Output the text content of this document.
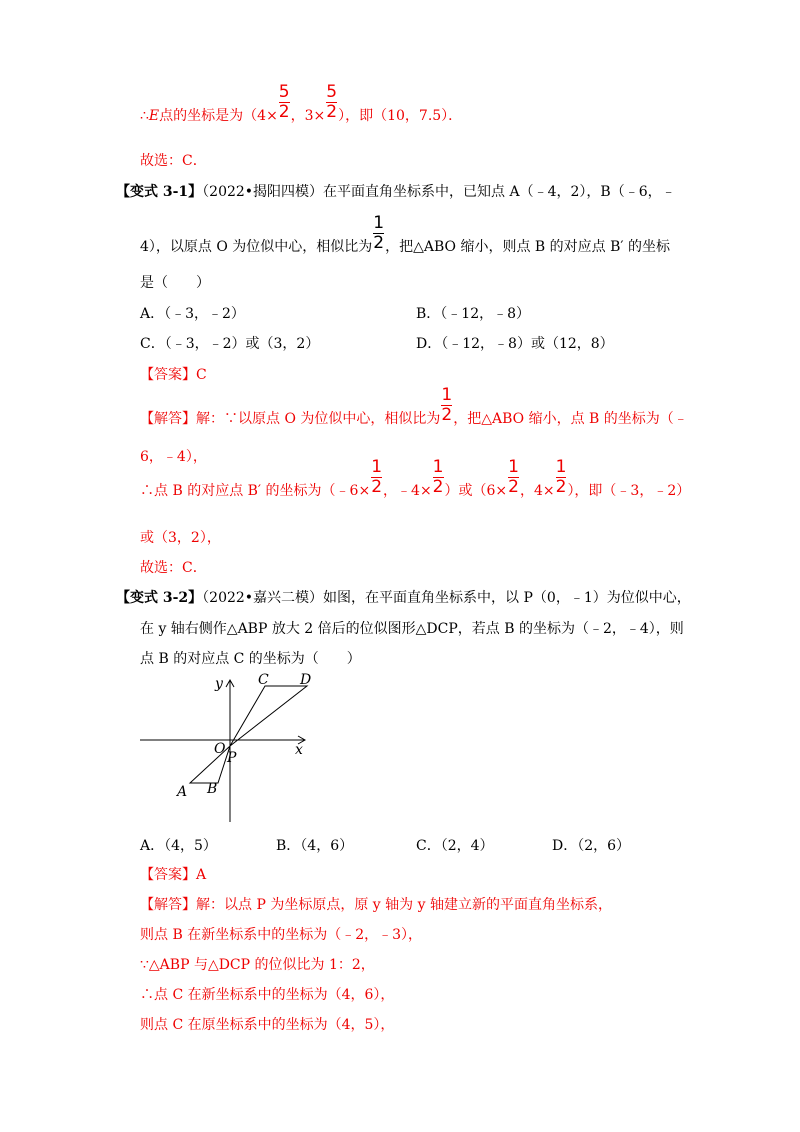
∴E点的坐标是为（$4\times \frac{5}{2}$ ，$3\times \frac{5}{2}$ ），即（10，7.5）．
故选：C．
【变式 3-1】（2022•揭阳四模）在平面直角坐标系中，已知点 A（﹣4，2），B（﹣6，﹣
4），以原点 O 为位似中心，相似比为 $\frac{1}{2}$ ，把△ABO 缩小，则点 B 的对应点 B′ 的坐标
是（　　）
A．（﹣3，﹣2）	B．（﹣12，﹣8）
C．（﹣3，﹣2）或（3，2）	D．（﹣12，﹣8）或（12，8）
【答案】C
【解答】解：∵以原点 O 为位似中心，相似比为 $\frac{1}{2}$ ，把△ABO 缩小，点 B 的坐标为（﹣
6，﹣4），
∴点 B 的对应点 B′ 的坐标为（﹣6× $\frac{1}{2}$ ，﹣4× $\frac{1}{2}$ ）或（$6\times \frac{1}{2}$ ，$4\times \frac{1}{2}$ ），即（﹣3，﹣2）
或（3，2），
故选：C．
【变式 3-2】（2022•嘉兴二模）如图，在平面直角坐标系中，以 P（0，﹣1）为位似中心，
在 y 轴右侧作△ABP 放大 2 倍后的位似图形△DCP，若点 B 的坐标为（﹣2，﹣4），则
点 B 的对应点 C 的坐标为（　　）
y
x
C D
O
P
A B
A．（4，5）	B．（4，6）	C．（2，4）	D．（2，6）
【答案】A
【解答】解：以点 P 为坐标原点，原 y 轴为 y 轴建立新的平面直角坐标系，
则点 B 在新坐标系中的坐标为（﹣2，﹣3），
∵△ABP 与△DCP 的位似比为 1：2，
∴点 C 在新坐标系中的坐标为（4，6），
则点 C 在原坐标系中的坐标为（4，5），
